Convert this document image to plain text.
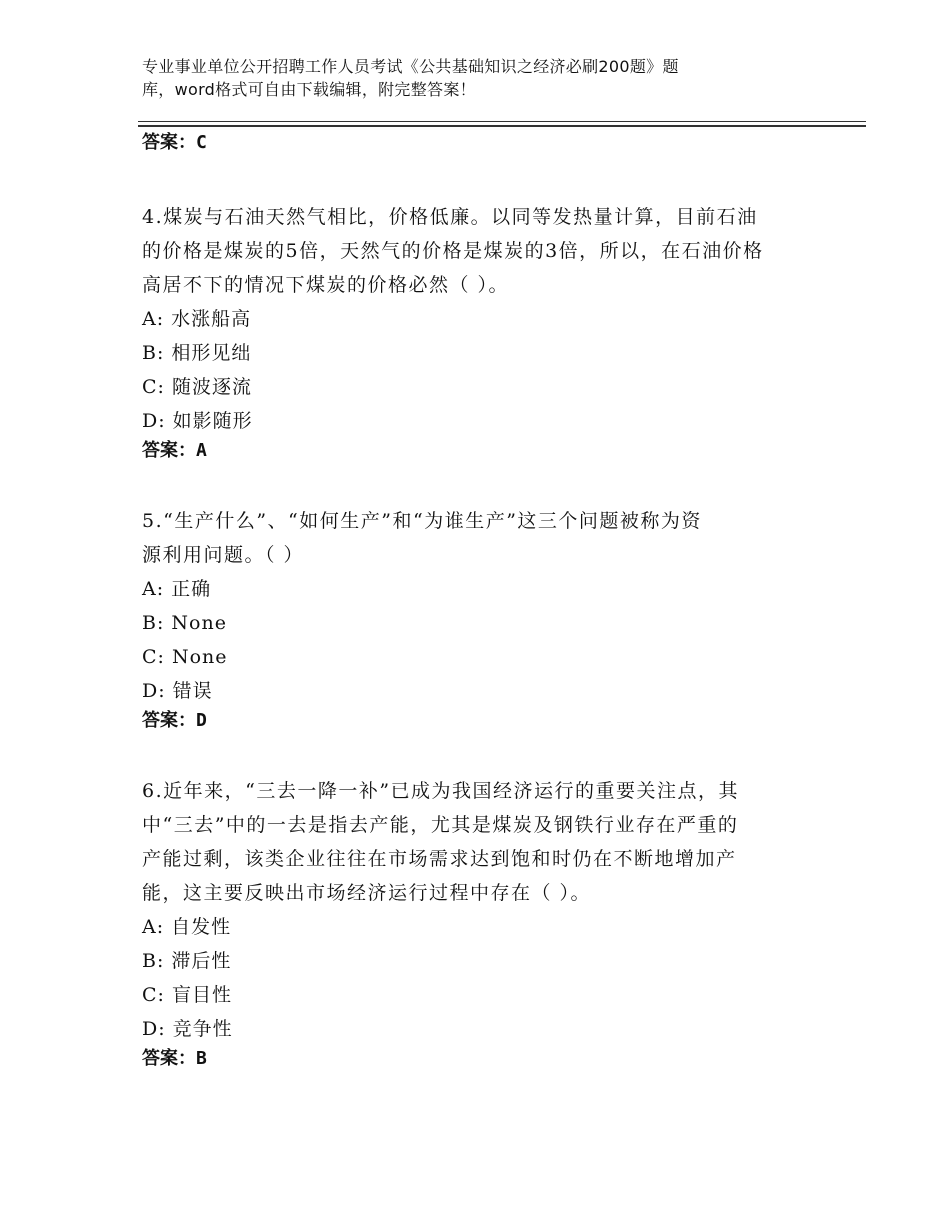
专业事业单位公开招聘工作人员考试《公共基础知识之经济必刷200题》题
库，word格式可自由下载编辑，附完整答案！
答案：C
4.煤炭与石油天然气相比，价格低廉。以同等发热量计算，目前石油
的价格是煤炭的5倍，天然气的价格是煤炭的3倍，所以，在石油价格
高居不下的情况下煤炭的价格必然（ ）。
A: 水涨船高
B: 相形见绌
C: 随波逐流
D: 如影随形
答案：A
5.“生产什么”、“如何生产”和“为谁生产”这三个问题被称为资
源利用问题。（ ）
A: 正确
B: None
C: None
D: 错误
答案：D
6.近年来，“三去一降一补”已成为我国经济运行的重要关注点，其
中“三去”中的一去是指去产能，尤其是煤炭及钢铁行业存在严重的
产能过剩，该类企业往往在市场需求达到饱和时仍在不断地增加产
能，这主要反映出市场经济运行过程中存在（ ）。
A: 自发性
B: 滞后性
C: 盲目性
D: 竞争性
答案：B
